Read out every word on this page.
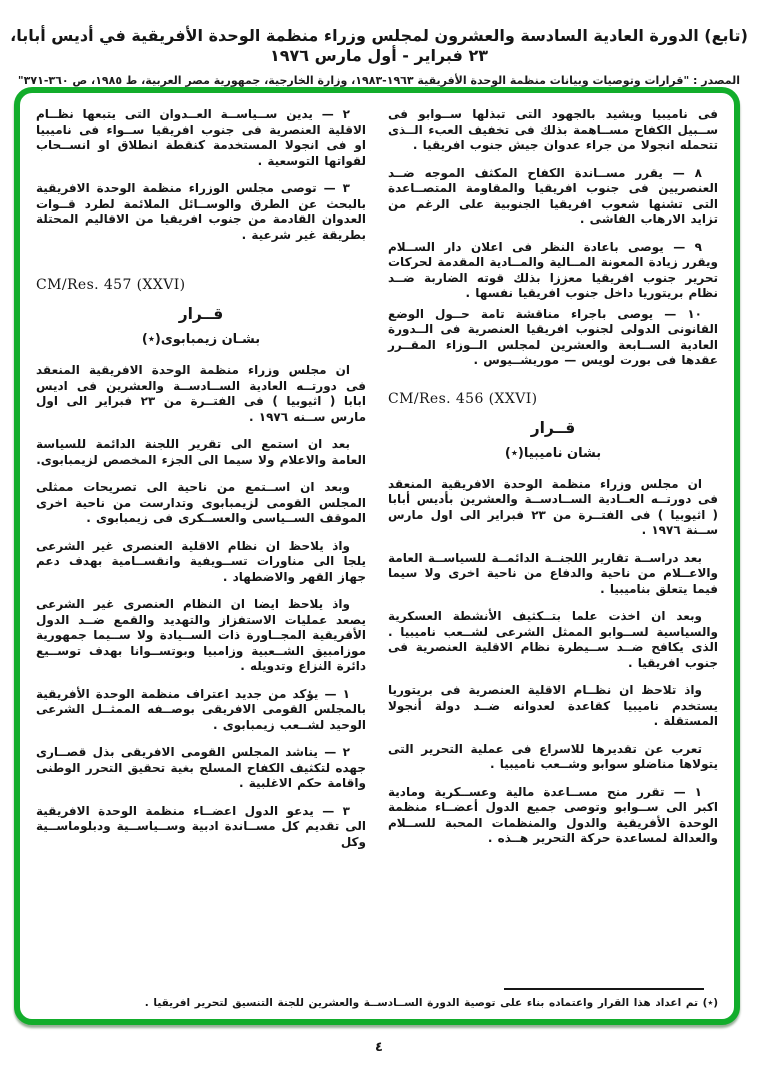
(تابع) الدورة العادية السادسة والعشرون لمجلس وزراء منظمة الوحدة الأفريقية في أديس أبابا، ٢٣ فبراير - أول مارس ١٩٧٦
المصدر : "قرارات وتوصيات وبيانات منظمة الوحدة الأفريقية ١٩٦٣-١٩٨٣، وزارة الخارجية، جمهورية مصر العربية، ط ١٩٨٥، ص ٣٦٠-٣٧١"

فى ناميبيا ويشيد بالجهود التى تبذلها ســوابو فى ســبيل الكفاح مســاهمة بذلك فى تخفيف العبء الــذى تتحمله انجولا من جراء عدوان جيش جنوب افريقيا .

٨ — يقرر مســاندة الكفاح المكثف الموجه ضــد العنصريين فى جنوب افريقيا والمقاومة المتصــاعدة التى تشنها شعوب افريقيا الجنوبية على الرغم من تزايد الارهاب الفاشى .

٩ — يوصى باعادة النظر فى اعلان دار الســلام ويقرر زيادة المعونة المــالية والمــادية المقدمة لحركات تحرير جنوب افريقيا معززا بذلك قوته الضاربة ضــد نظام بريتوريا داخل جنوب افريقيا نفسها .

١٠ — يوصى باجراء مناقشة تامة حــول الوضع القانونى الدولى لجنوب افريقيا العنصرية فى الــدورة العادية الســابعة والعشرين لمجلس الــوزاء المقــرر عقدها فى بورت لويس — موريشــيوس .

CM/Res. 456 (XXVI)
قــرار
بشان ناميبيا(٭)

ان مجلس وزراء منظمة الوحدة الافريقية المنعقد فى دورتــه العــادية الســادســة والعشرين بأديس أبابا ( اثيوبيا ) فى الفتــرة من ٢٣ فبراير الى اول مارس ســنة ١٩٧٦ .

بعد دراســة تقارير اللجنــة الدائمــة للسياســة العامة والاعــلام من ناحية والدفاع من ناحية اخرى ولا سيما فيما يتعلق بناميبيا .

وبعد ان اخذت علما بتــكثيف الأنشطة العسكرية والسياسية لســوابو الممثل الشرعى لشــعب ناميبيا . الذى يكافح ضــد ســيطرة نظام الاقلية العنصرية فى جنوب افريقيا .

واذ تلاحظ ان نظــام الاقلية العنصرية فى بريتوريا يستخدم ناميبيا كقاعدة لعدوانه ضــد دولة أنجولا المستقلة .

تعرب عن تقديرها للاسراع فى عملية التحرير التى يتولاها مناضلو سوابو وشــعب ناميبيا .

١ — تقرر منح مســاعدة مالية وعســكرية ومادية اكبر الى ســوابو وتوصى جميع الدول أعضــاء منظمة الوحدة الأفريقية والدول والمنظمات المحبة للســلام والعدالة لمساعدة حركة التحرير هــذه .

٢ — يدين ســياســة العــدوان التى يتبعها نظــام الاقلية العنصرية فى جنوب افريقيا ســواء فى ناميبيا او فى انجولا المستخدمة كنقطة انطلاق او انســحاب لقواتها التوسعية .

٣ — توصى مجلس الوزراء منظمة الوحدة الافريقية بالبحث عن الطرق والوســائل الملائمة لطرد قــوات العدوان القادمة من جنوب افريقيا من الاقاليم المحتلة بطريقة غير شرعية .

CM/Res. 457 (XXVI)
قــرار
بشـان زيمبابوى(٭)

ان مجلس وزراء منظمة الوحدة الافريقية المنعقد فى دورتــه العادية الســادســة والعشرين فى اديس ابابا ( اثيوبيا ) فى الفتــرة من ٢٣ فبراير الى اول مارس ســنه ١٩٧٦ .

بعد ان استمع الى تقرير اللجنة الدائمة للسياسة العامة والاعلام ولا سيما الى الجزء المخصص لزيمبابوى.

وبعد ان اســتمع من ناحية الى تصريحات ممثلى المجلس القومى لزيمبابوى وتدارست من ناحية اخرى الموقف الســياسى والعســكرى فى زيمبابوى .

واذ يلاحظ ان نظام الاقلية العنصرى غير الشرعى يلجا الى مناورات تســويفية وانقســامية بهدف دعم جهاز القهر والاضطهاد .

واذ يلاحظ ايضا ان النظام العنصرى غير الشرعى يصعد عمليات الاستفزاز والتهديد والقمع ضــد الدول الأفريقية المجــاورة ذات الســيادة ولا ســيما جمهورية موزامبيق الشــعبية وزامبيا وبوتســوانا بهدف توســيع دائرة النزاع وتدويله .

١ — يؤكد من جديد اعتراف منظمة الوحدة الأفريقية بالمجلس القومى الافريقى بوصــفه الممثــل الشرعى الوحيد لشــعب زيمبابوى .

٢ — يناشد المجلس القومى الافريقى بذل قصــارى جهده لتكثيف الكفاح المسلح بغية تحقيق التحرر الوطنى واقامة حكم الاغلبية .

٣ — يدعو الدول اعضــاء منظمة الوحدة الافريقية الى تقديم كل مســاندة ادبية وســياســية ودبلوماســية وكل

(٭) تم اعداد هذا القرار واعتماده بناء على توصية الدورة الســادســة والعشرين للجنة التنسيق لتحرير افريقيا .
٤
